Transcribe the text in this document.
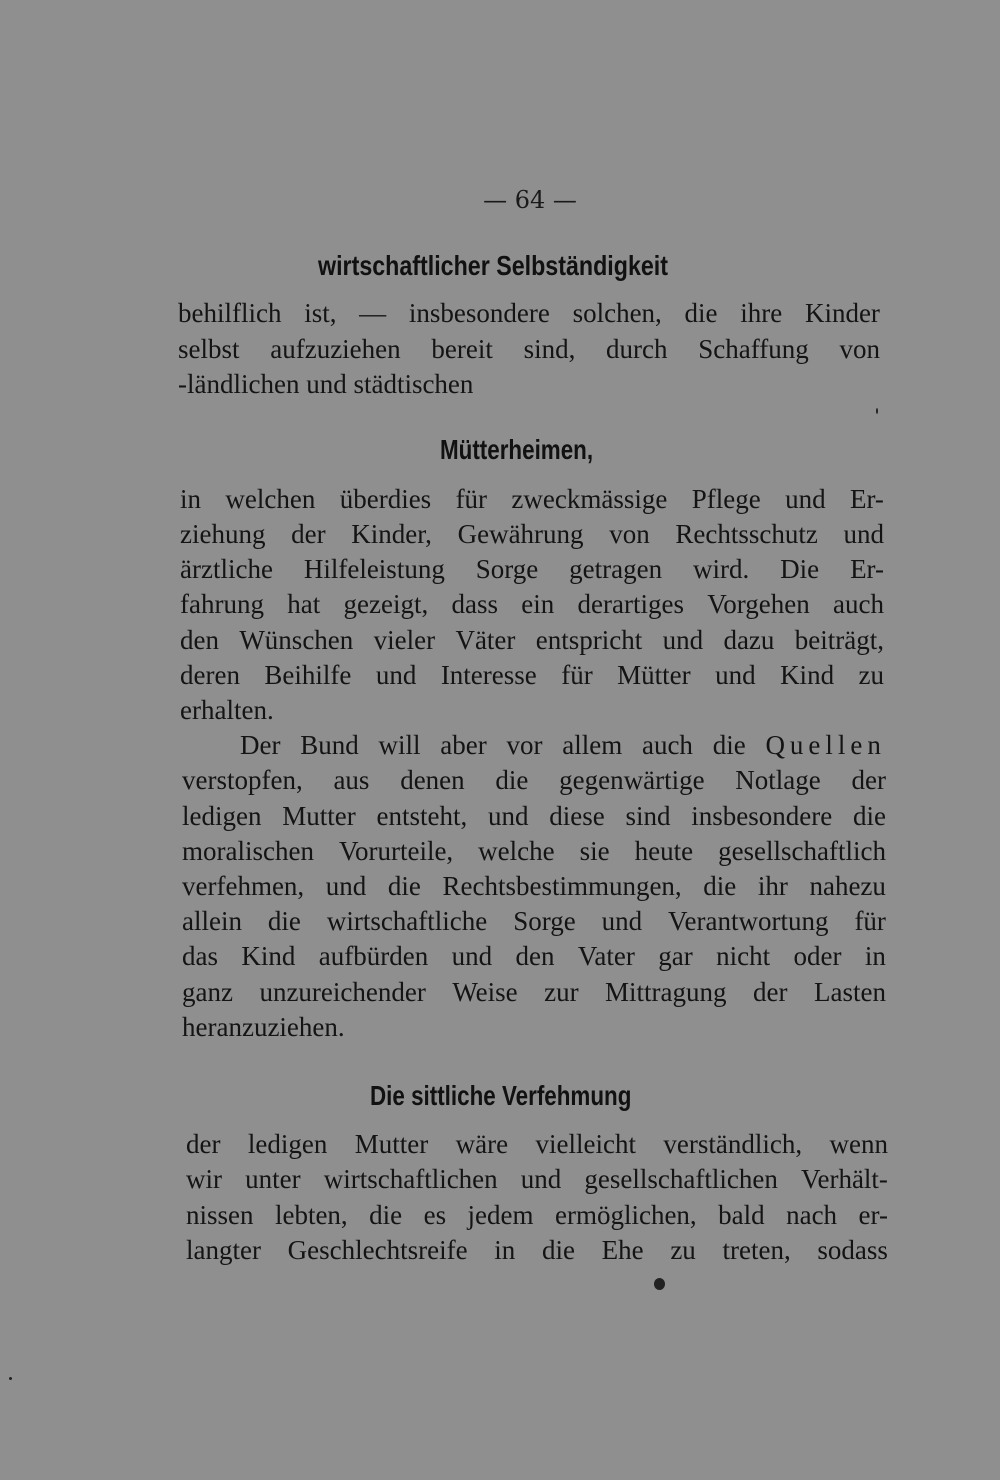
— 64 —
wirtschaftlicher Selbständigkeit
behilflich ist, — insbesondere solchen, die ihre Kinder
selbst aufzuziehen bereit sind, durch Schaffung von
-ländlichen und städtischen
Mütterheimen,
in welchen überdies für zweckmässige Pflege und Er-
ziehung der Kinder, Gewährung von Rechtsschutz und
ärztliche Hilfeleistung Sorge getragen wird. Die Er-
fahrung hat gezeigt, dass ein derartiges Vorgehen auch
den Wünschen vieler Väter entspricht und dazu beiträgt,
deren Beihilfe und Interesse für Mütter und Kind zu
erhalten.
Der Bund will aber vor allem auch die Quellen
verstopfen, aus denen die gegenwärtige Notlage der
ledigen Mutter entsteht, und diese sind insbesondere die
moralischen Vorurteile, welche sie heute gesellschaftlich
verfehmen, und die Rechtsbestimmungen, die ihr nahezu
allein die wirtschaftliche Sorge und Verantwortung für
das Kind aufbürden und den Vater gar nicht oder in
ganz unzureichender Weise zur Mittragung der Lasten
heranzuziehen.
Die sittliche Verfehmung
der ledigen Mutter wäre vielleicht verständlich, wenn
wir unter wirtschaftlichen und gesellschaftlichen Verhält-
nissen lebten, die es jedem ermöglichen, bald nach er-
langter Geschlechtsreife in die Ehe zu treten, sodass
